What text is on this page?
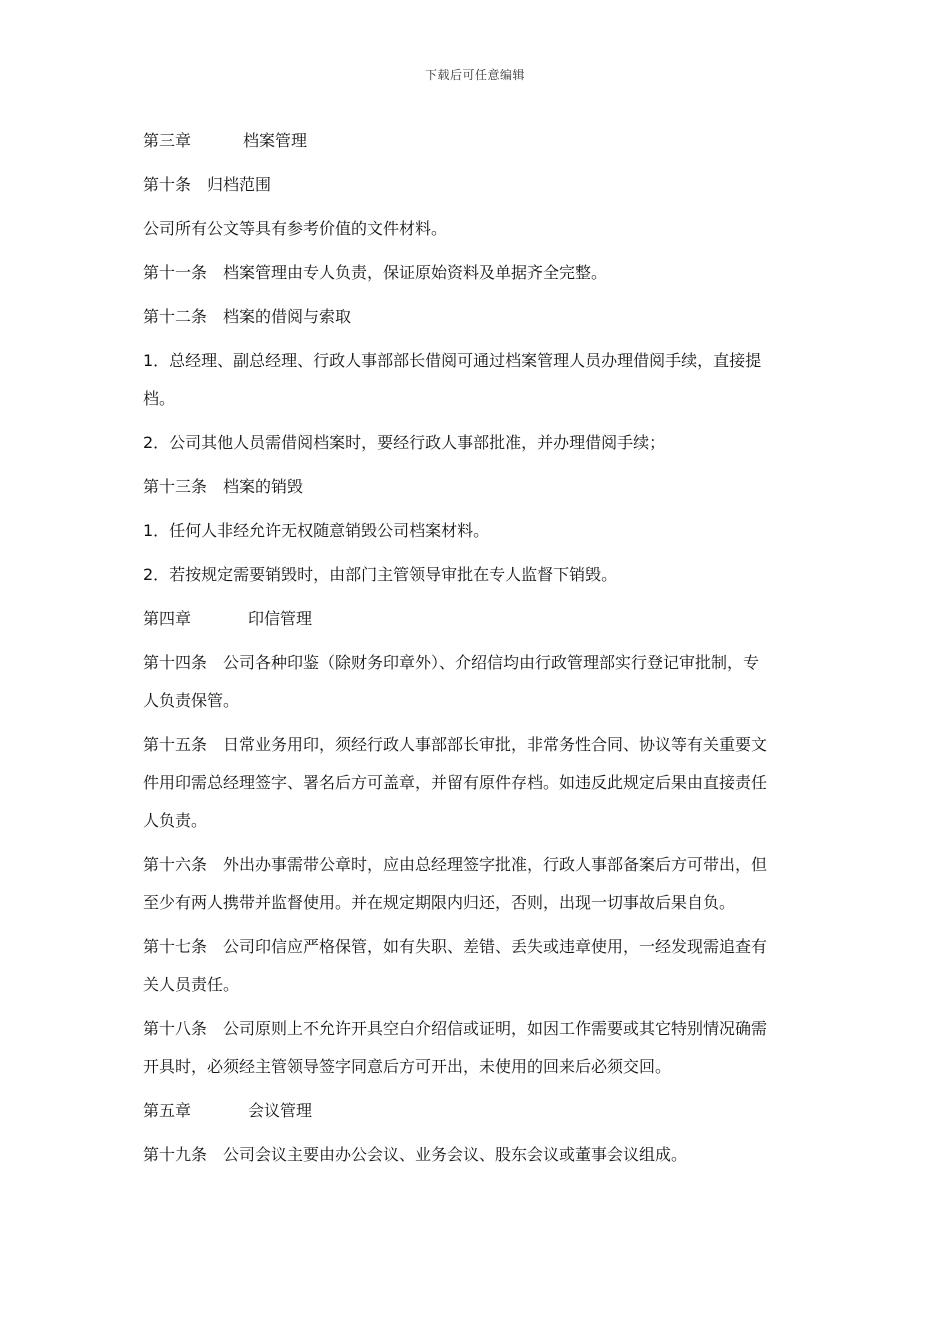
下载后可任意编辑
第三章	档案管理
第十条 归档范围
公司所有公文等具有参考价值的文件材料。
第十一条 档案管理由专人负责，保证原始资料及单据齐全完整。
第十二条 档案的借阅与索取
1．总经理、副总经理、行政人事部部长借阅可通过档案管理人员办理借阅手续，直接提
档。
2．公司其他人员需借阅档案时，要经行政人事部批准，并办理借阅手续；
第十三条 档案的销毁
1．任何人非经允许无权随意销毁公司档案材料。
2．若按规定需要销毁时，由部门主管领导审批在专人监督下销毁。
第四章	印信管理
第十四条 公司各种印鉴（除财务印章外）、介绍信均由行政管理部实行登记审批制，专
人负责保管。
第十五条 日常业务用印，须经行政人事部部长审批，非常务性合同、协议等有关重要文
件用印需总经理签字、署名后方可盖章，并留有原件存档。如违反此规定后果由直接责任
人负责。
第十六条 外出办事需带公章时，应由总经理签字批准，行政人事部备案后方可带出，但
至少有两人携带并监督使用。并在规定期限内归还，否则，出现一切事故后果自负。
第十七条 公司印信应严格保管，如有失职、差错、丢失或违章使用，一经发现需追查有
关人员责任。
第十八条 公司原则上不允许开具空白介绍信或证明，如因工作需要或其它特别情况确需
开具时，必须经主管领导签字同意后方可开出，未使用的回来后必须交回。
第五章	会议管理
第十九条 公司会议主要由办公会议、业务会议、股东会议或董事会议组成。
